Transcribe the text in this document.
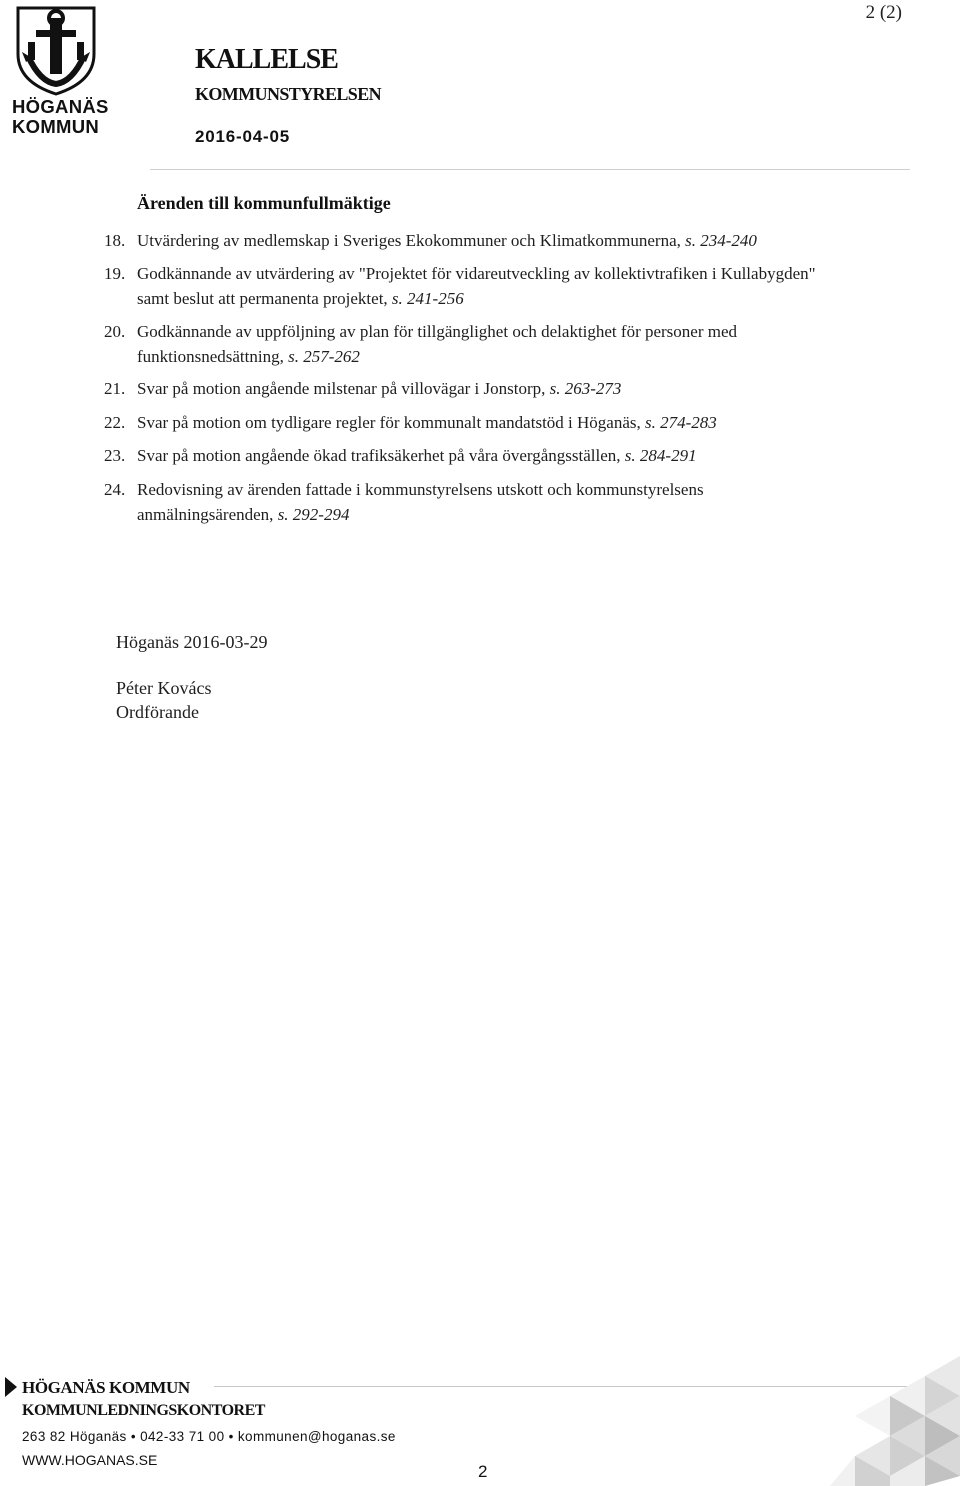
HÖGANÄS
KOMMUN
2 (2)
KALLELSE
KOMMUNSTYRELSEN
2016-04-05
Ärenden till kommunfullmäktige
18. Utvärdering av medlemskap i Sveriges Ekokommuner och Klimatkommunerna, s. 234-240
19. Godkännande av utvärdering av "Projektet för vidareutveckling av kollektivtrafiken i Kullabygden" samt beslut att permanenta projektet, s. 241-256
20. Godkännande av uppföljning av plan för tillgänglighet och delaktighet för personer med funktionsnedsättning, s. 257-262
21. Svar på motion angående milstenar på villovägar i Jonstorp, s. 263-273
22. Svar på motion om tydligare regler för kommunalt mandatstöd i Höganäs, s. 274-283
23. Svar på motion angående ökad trafiksäkerhet på våra övergångsställen, s. 284-291
24. Redovisning av ärenden fattade i kommunstyrelsens utskott och kommunstyrelsens anmälningsärenden, s. 292-294
Höganäs 2016-03-29
Péter Kovács
Ordförande
HÖGANÄS KOMMUN
KOMMUNLEDNINGSKONTORET
263 82 Höganäs • 042-33 71 00 • kommunen@hoganas.se
WWW.HOGANAS.SE
2
